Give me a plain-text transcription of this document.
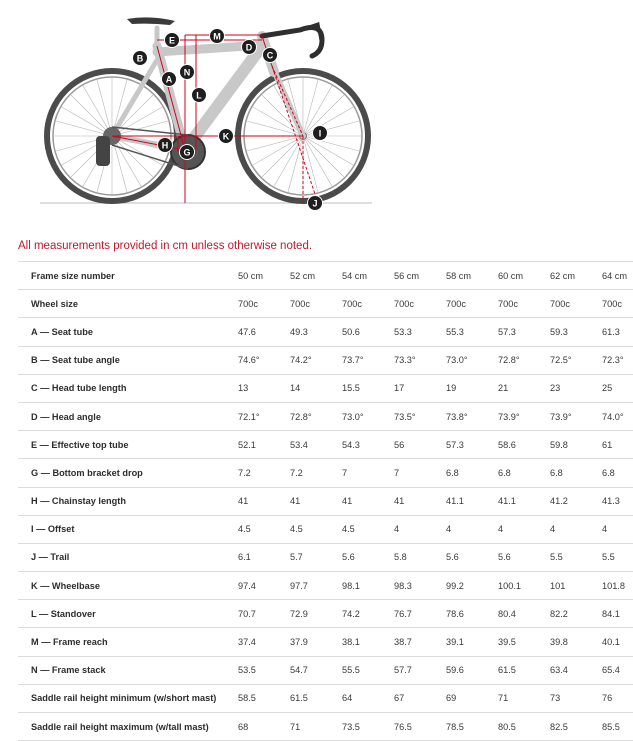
A
B	C
D
E
G
H
I
J
K
L
M
N
All measurements provided in cm unless otherwise noted.
Frame size number	50 cm	52 cm	54 cm	56 cm	58 cm	60 cm	62 cm	64 cm
Wheel size	700c	700c	700c	700c	700c	700c	700c	700c
A — Seat tube	47.6	49.3	50.6	53.3	55.3	57.3	59.3	61.3
B — Seat tube angle	74.6°	74.2°	73.7°	73.3°	73.0°	72.8°	72.5°	72.3°
C — Head tube length	13	14	15.5	17	19	21	23	25
D — Head angle	72.1°	72.8°	73.0°	73.5°	73.8°	73.9°	73.9°	74.0°
E — Effective top tube	52.1	53.4	54.3	56	57.3	58.6	59.8	61
G — Bottom bracket drop	7.2	7.2	7	7	6.8	6.8	6.8	6.8
H — Chainstay length	41	41	41	41	41.1	41.1	41.2	41.3
I — Offset	4.5	4.5	4.5	4	4	4	4	4
J — Trail	6.1	5.7	5.6	5.8	5.6	5.6	5.5	5.5
K — Wheelbase	97.4	97.7	98.1	98.3	99.2	100.1	101	101.8
L — Standover	70.7	72.9	74.2	76.7	78.6	80.4	82.2	84.1
M — Frame reach	37.4	37.9	38.1	38.7	39.1	39.5	39.8	40.1
N — Frame stack	53.5	54.7	55.5	57.7	59.6	61.5	63.4	65.4
Saddle rail height minimum (w/short mast)	58.5	61.5	64	67	69	71	73	76
Saddle rail height maximum (w/tall mast)	68	71	73.5	76.5	78.5	80.5	82.5	85.5
